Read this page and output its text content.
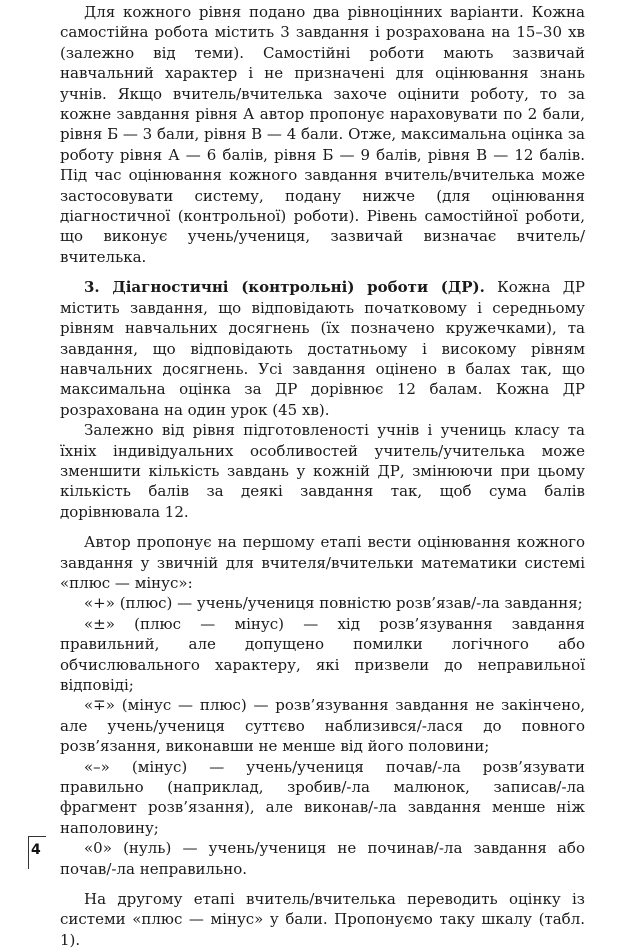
Для кожного рівня подано два рівноцінних варіанти. Кожна самостійна робота містить 3 завдання і розрахована на 15–30 хв (залежно від теми). Самостійні роботи мають зазвичай навчальний характер і не призначені для оцінювання знань учнів. Якщо вчитель/вчителька захоче оцінити роботу, то за кожне завдання рівня А автор пропонує нараховувати по 2 бали, рівня Б — 3 бали, рівня В — 4 бали. Отже, максимальна оцінка за роботу рівня А — 6 балів, рівня Б — 9 балів, рівня В — 12 балів. Під час оцінювання кожного завдання вчитель/вчителька може застосовувати систему, подану нижче (для оцінювання діагностичної (контрольної) роботи). Рівень самостійної роботи, що виконує учень/учениця, зазвичай визначає вчитель/вчителька.

3. Діагностичні (контрольні) роботи (ДР). Кожна ДР містить завдання, що відповідають початковому і середньому рівням навчальних досягнень (їх позначено кружечками), та завдання, що відповідають достатньому і високому рівням навчальних досягнень. Усі завдання оцінено в балах так, що максимальна оцінка за ДР дорівнює 12 балам. Кожна ДР розрахована на один урок (45 хв).

Залежно від рівня підготовленості учнів і учениць класу та їхніх індивідуальних особливостей учитель/учителька може зменшити кількість завдань у кожній ДР, змінюючи при цьому кількість балів за деякі завдання так, щоб сума балів дорівнювала 12.

Автор пропонує на першому етапі вести оцінювання кожного завдання у звичній для вчителя/вчительки математики системі «плюс — мінус»:

«+» (плюс) — учень/учениця повністю розв’язав/-ла завдання;

«±» (плюс — мінус) — хід розв’язування завдання правильний, але допущено помилки логічного або обчислювального характеру, які призвели до неправильної відповіді;

«∓» (мінус — плюс) — розв’язування завдання не закінчено, але учень/учениця суттєво наблизився/-лася до повного розв’язання, виконавши не менше від його половини;

«–» (мінус) — учень/учениця почав/-ла розв’язувати правильно (наприклад, зробив/-ла малюнок, записав/-ла фрагмент розв’язання), але виконав/-ла завдання менше ніж наполовину;

«0» (нуль) — учень/учениця не починав/-ла завдання або почав/-ла неправильно.

На другому етапі вчитель/вчителька переводить оцінку із системи «плюс — мінус» у бали. Пропонуємо таку шкалу (табл. 1).

4
